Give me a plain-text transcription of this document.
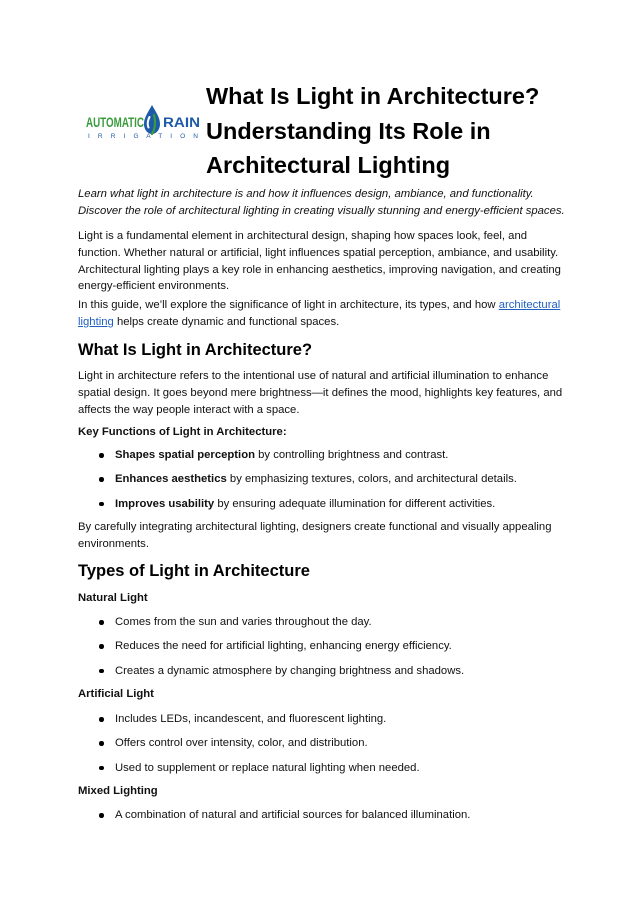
AUTOMATIC RAIN
I R R I G A T I O N
What Is Light in Architecture?
Understanding Its Role in
Architectural Lighting

Learn what light in architecture is and how it influences design, ambiance, and functionality. Discover the role of architectural lighting in creating visually stunning and energy-efficient spaces.

Light is a fundamental element in architectural design, shaping how spaces look, feel, and function. Whether natural or artificial, light influences spatial perception, ambiance, and usability. Architectural lighting plays a key role in enhancing aesthetics, improving navigation, and creating energy-efficient environments.

In this guide, we’ll explore the significance of light in architecture, its types, and how architectural lighting helps create dynamic and functional spaces.

What Is Light in Architecture?

Light in architecture refers to the intentional use of natural and artificial illumination to enhance spatial design. It goes beyond mere brightness—it defines the mood, highlights key features, and affects the way people interact with a space.

Key Functions of Light in Architecture:
Shapes spatial perception by controlling brightness and contrast.
Enhances aesthetics by emphasizing textures, colors, and architectural details.
Improves usability by ensuring adequate illumination for different activities.

By carefully integrating architectural lighting, designers create functional and visually appealing environments.

Types of Light in Architecture
Natural Light
Comes from the sun and varies throughout the day.
Reduces the need for artificial lighting, enhancing energy efficiency.
Creates a dynamic atmosphere by changing brightness and shadows.
Artificial Light
Includes LEDs, incandescent, and fluorescent lighting.
Offers control over intensity, color, and distribution.
Used to supplement or replace natural lighting when needed.
Mixed Lighting
A combination of natural and artificial sources for balanced illumination.
